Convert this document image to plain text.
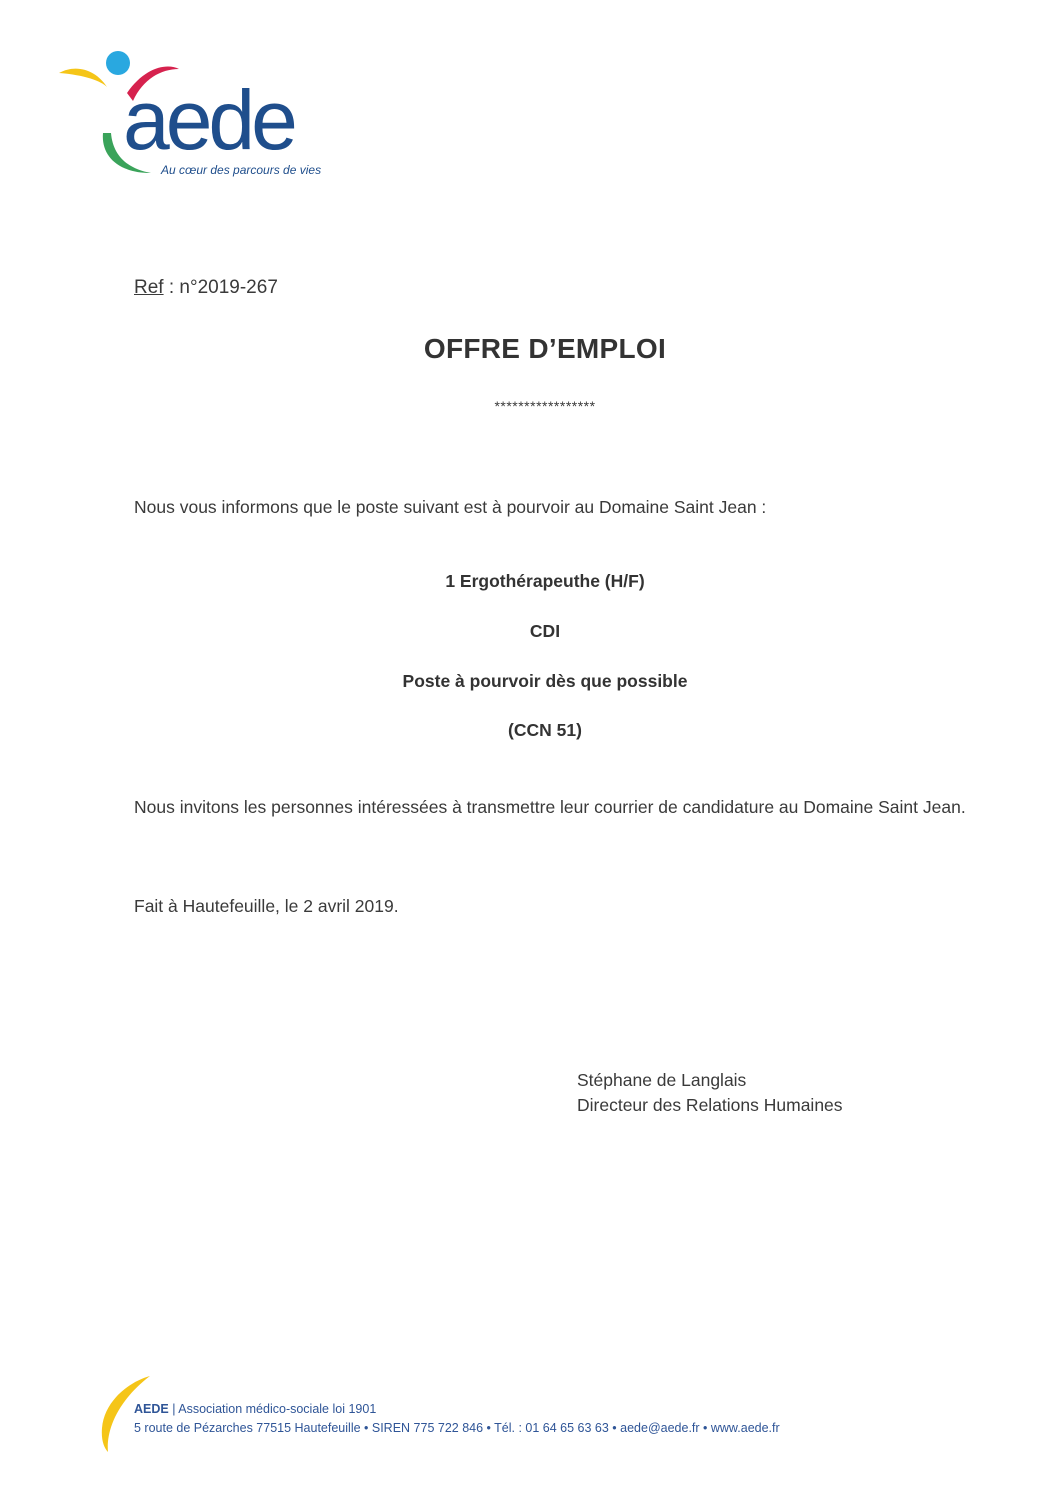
aede
Au cœur des parcours de vies
Ref : n°2019-267
OFFRE D’EMPLOI
*****************
Nous vous informons que le poste suivant est à pourvoir au Domaine Saint Jean :
1 Ergothérapeuthe (H/F)
CDI
Poste à pourvoir dès que possible
(CCN 51)
Nous invitons les personnes intéressées à transmettre leur courrier de candidature au Domaine Saint Jean.
Fait à Hautefeuille, le 2 avril 2019.
Stéphane de Langlais
Directeur des Relations Humaines
AEDE | Association médico-sociale loi 1901
5 route de Pézarches 77515 Hautefeuille • SIREN 775 722 846 • Tél. : 01 64 65 63 63 • aede@aede.fr • www.aede.fr
